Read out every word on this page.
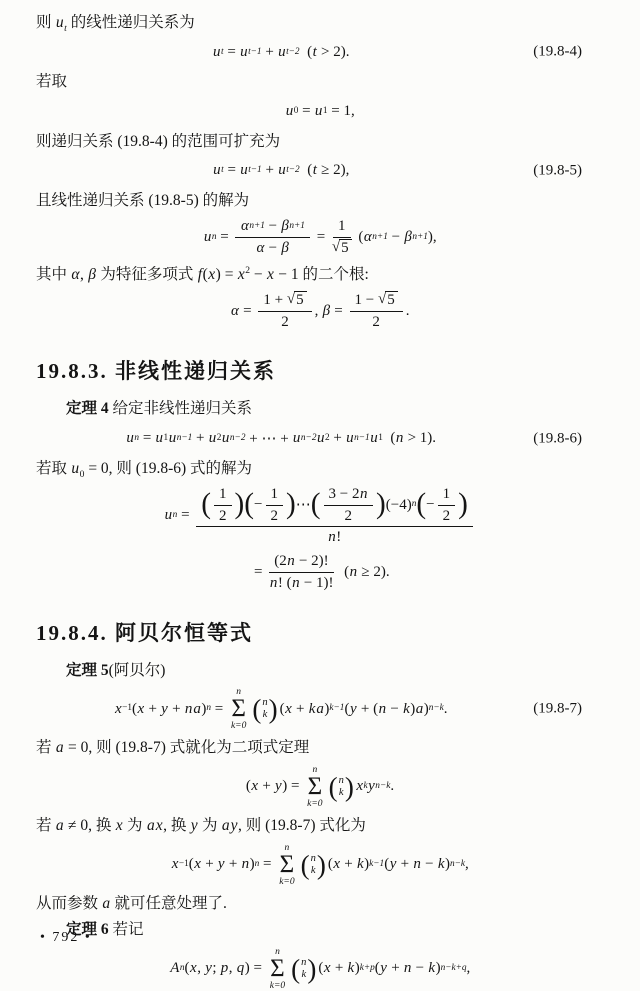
则 $u_t$ 的线性递归关系为
u t = u t−1 + u t−2 ( t > 2).	(19.8-4)
若取
u 0 = u 1 = 1,
则递归关系 (19.8-4) 的范围可扩充为
u t = u t−1 + u t−2 ( t ≥ 2),	(19.8-5)
且线性递归关系 (19.8-5) 的解为
u $n = \frac{\text{α n+1 − β n+1}}{\alpha - \beta} = \frac{1}{√ 5}$ ( α n+1 − β n+1 ),
其中 α, β 为特征多项式 $f(x) = x^2 - x - 1$ 的二个根:
$\alpha = \frac{1 + √ 5}{2}$ , $\beta = \frac{1 - √ 5}{2}$ .
19.8.3. 非线性递归关系
定理 4 给定非线性递归关系
u n = u 1 u n−1 + u 2 u n−2 + ⋯ + u n−2 u 2 + u n−1 u 1 ( n > 1).	(19.8-6)
若取 $u_0 = 0$, 则 (19.8-6) 式的解为
u $n = \frac{( \frac{1}{2} ) ( - \frac{1}{2} ) \cdots ( \frac{3 - 2 n}{2} ) (-4) n ( - \frac{1}{2} )}{n !}$
= $\frac{(2 n - 2)!}{n ! ( n - 1)!}$ ( n ≥ 2).
19.8.4. 阿贝尔恒等式
定理 5(阿贝尔)
x −1 ( x + y + n a ) n =
n
Σ
k=0
( n
k ) ( x + k a ) k−1 ( y + ( n − k ) a ) n−k .	(19.8-7)
若 a = 0, 则 (19.8-7) 式就化为二项式定理
( x + y ) =
n
Σ
k=0
( n
k ) x k y n−k .
若 a ≠ 0, 换 x 为 ax, 换 y 为 ay, 则 (19.8-7) 式化为
x −1 ( x + y + n ) n =
n
Σ
k=0
( n
k ) ( x + k ) k−1 ( y + n − k ) n−k ,
从而参数 a 就可任意处理了.
定理 6 若记
A n ( x , y ; p , q ) =
n
Σ
k=0
( n
k ) ( x + k ) k+p ( y + n − k ) n−k+q ,
• 792 •
